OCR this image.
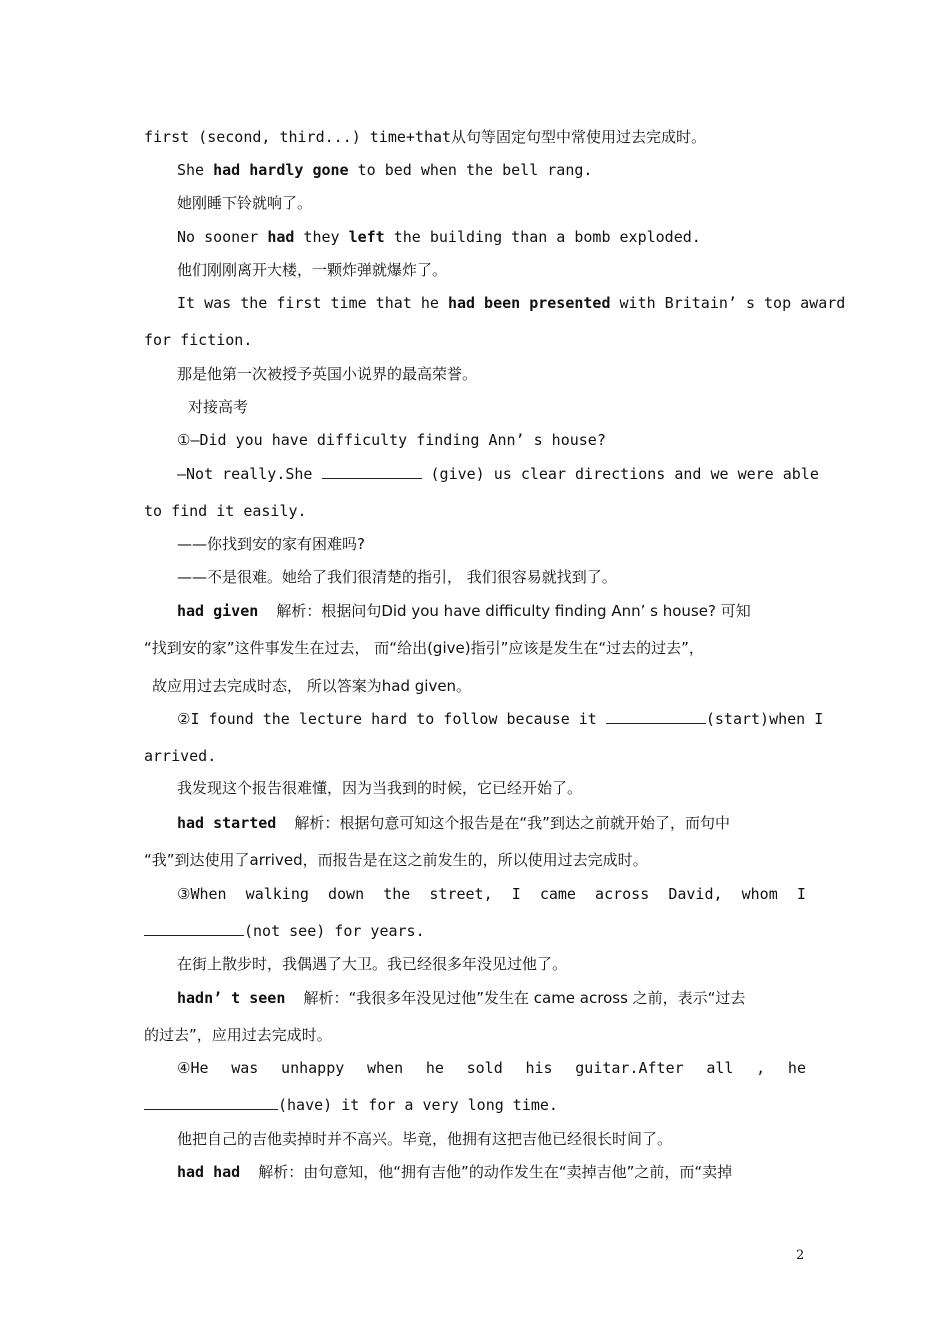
first (second, third...) time+that从句等固定句型中常使用过去完成时。
She had hardly gone to bed when the bell rang.
她刚睡下铃就响了。
No sooner had they left the building than a bomb exploded.
他们刚刚离开大楼，一颗炸弹就爆炸了。
It was the first time that he had been presented with Britain’ s top award
for fiction.
那是他第一次被授予英国小说界的最高荣誉。
对接高考
①—Did you have difficulty finding Ann’ s house?
—Not really.She	(give) us clear directions and we were able
to find it easily.
——你找到安的家有困难吗?
——不是很难。她给了我们很清楚的指引， 我们很容易就找到了。
had given 解析：根据问句Did you have difficulty finding Ann’ s house? 可知
“找到安的家”这件事发生在过去， 而“给出(give)指引”应该是发生在“过去的过去”，
故应用过去完成时态， 所以答案为had given。
②I found the lecture hard to follow because it	(start)when I
arrived.
我发现这个报告很难懂，因为当我到的时候，它已经开始了。
had started 解析：根据句意可知这个报告是在“我”到达之前就开始了，而句中
“我”到达使用了arrived，而报告是在这之前发生的，所以使用过去完成时。
③When walking down the street, I came across David, whom I
(not see) for years.
在街上散步时，我偶遇了大卫。我已经很多年没见过他了。
hadn’ t seen 解析：“我很多年没见过他”发生在 came across 之前，表示“过去
的过去”，应用过去完成时。
④He was unhappy when he sold his guitar.After all , he
(have) it for a very long time.
他把自己的吉他卖掉时并不高兴。毕竟，他拥有这把吉他已经很长时间了。
had had 解析：由句意知，他“拥有吉他”的动作发生在“卖掉吉他”之前，而“卖掉
2
